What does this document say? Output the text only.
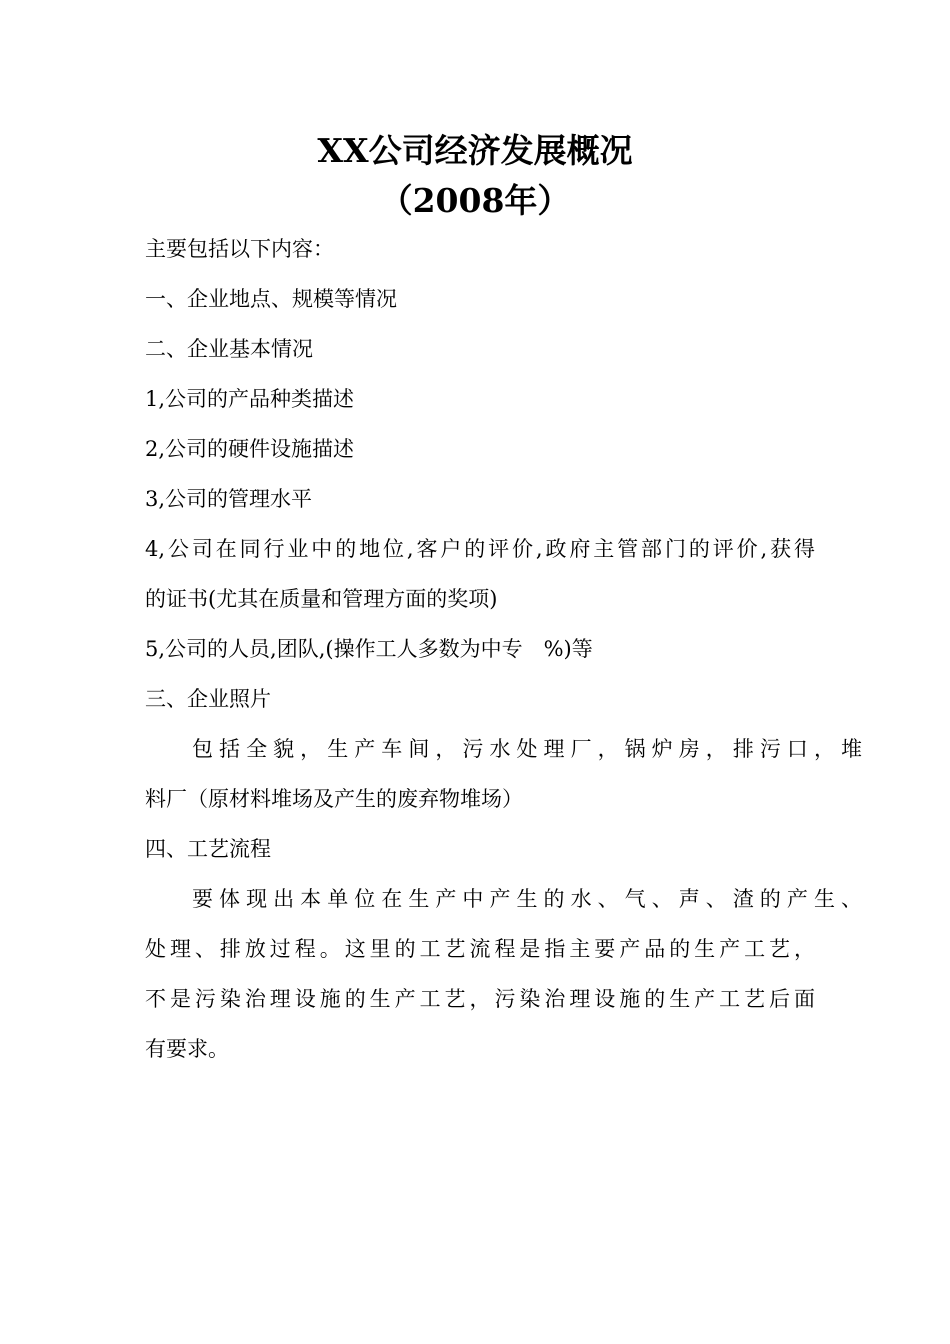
XX公司经济发展概况
（2008年）

主要包括以下内容：

一、企业地点、规模等情况

二、企业基本情况

1,公司的产品种类描述

2,公司的硬件设施描述

3,公司的管理水平

4,公司在同行业中的地位,客户的评价,政府主管部门的评价,获得

的证书(尤其在质量和管理方面的奖项)

5,公司的人员,团队,(操作工人多数为中专　%)等

三、企业照片

包括全貌，生产车间，污水处理厂，锅炉房，排污口，堆

料厂（原材料堆场及产生的废弃物堆场）

四、工艺流程

要体现出本单位在生产中产生的水、气、声、渣的产生、

处理、排放过程。这里的工艺流程是指主要产品的生产工艺，

不是污染治理设施的生产工艺，污染治理设施的生产工艺后面

有要求。
